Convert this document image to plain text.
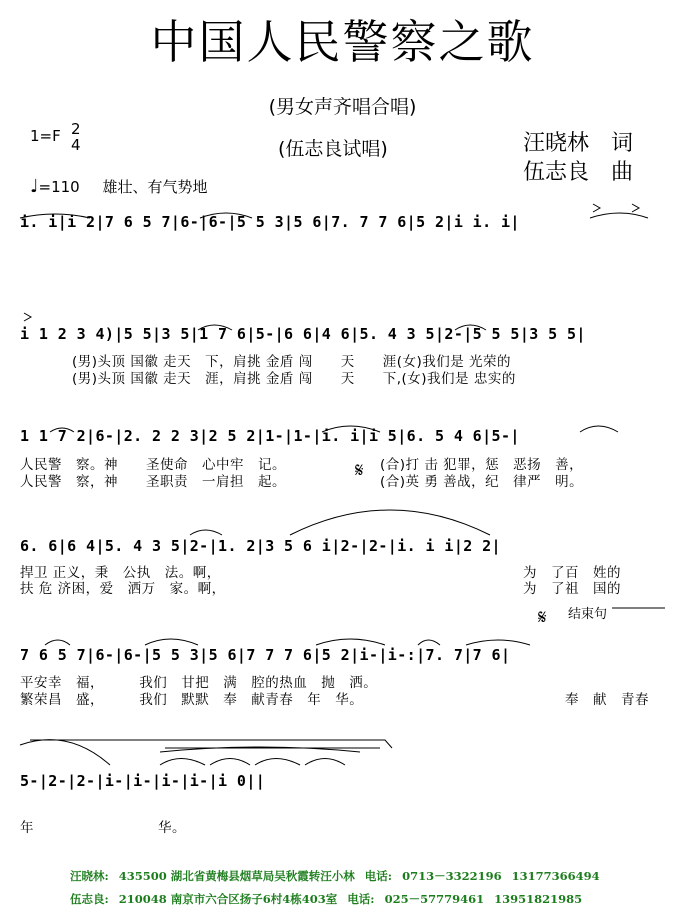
中国人民警察之歌
(男女声齐唱合唱)
1=F 2
4	(伍志良试唱)	汪晓林　词
伍志良　曲
♩=110 雄壮、有气势地
i. i|i 2|7 6 5 7|6-|6-|5 5 3|5 6|7. 7 7 6|5 2|i i. i|
i 1 2 3 4)|5 5|3 5|1 7 6|5-|6 6|4 6|5. 4 3 5|2-|5 5 5|3 5 5|
(男)头顶 国徽 走天　下，肩挑 金盾 闯　　天　　涯(女)我们是 光荣的
(男)头顶 国徽 走天　涯，肩挑 金盾 闯　　天　　下,(女)我们是 忠实的
1 1 7 2|6-|2. 2 2 3|2 5 2|1-|1-|i. i|i 5|6. 5 4 6|5-|
人民警　察。神　　圣使命　心中牢　记。
人民警　察，神　　圣职责　一肩担　起。	𝄋 (合)打 击 犯罪，惩　恶扬　善，
(合)英 勇 善战，纪　律严　明。
6. 6|6 4|5. 4 3 5|2-|1. 2|3 5 6 i|2-|2-|i. i i|2 2|
捍卫 正义，秉　公执　法。啊，
扶 危 济困，爱　洒万　家。啊，
为　了百　姓的
为　了祖　国的
𝄋 结束句
7 6 5 7|6-|6-|5 5 3|5 6|7 7 7 6|5 2|i-|i-:|7. 7|7 6|
平安幸　福，　　　我们　甘把　满　腔的热血　抛　洒。
繁荣昌　盛，　　　我们　默默　奉　献青春　年　华。	奉　献　青春
5-|2-|2-|i-|i-|i-|i-|i 0||
年	华。
汪晓林: 435500 湖北省黄梅县烟草局吴秋霞转汪小林 电话: 0713－3322196 13177366494
伍志良: 210048 南京市六合区扬子6村4栋403室 电话: 025－57779461 13951821985
